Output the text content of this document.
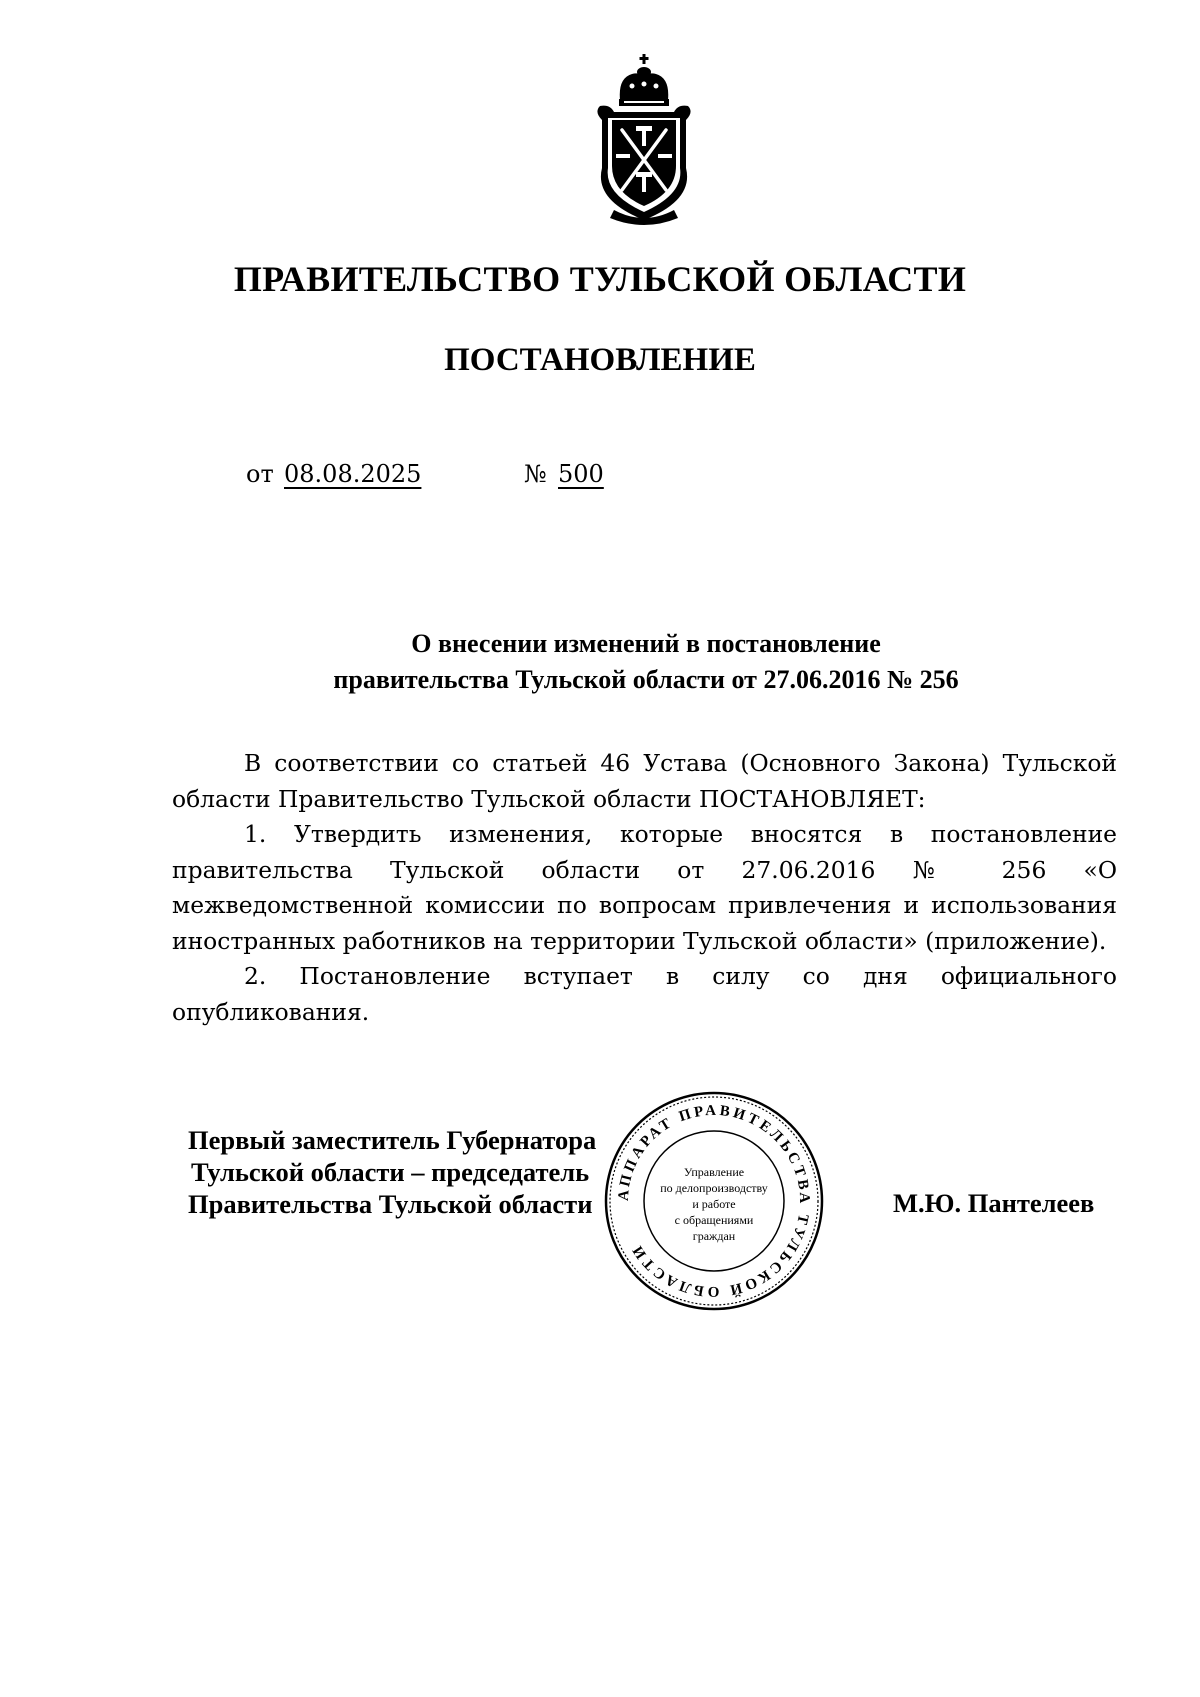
ПРАВИТЕЛЬСТВО ТУЛЬСКОЙ ОБЛАСТИ
ПОСТАНОВЛЕНИЕ
от 08.08.2025	№ 500
О внесении изменений в постановление
правительства Тульской области от 27.06.2016 № 256

В соответствии со статьей 46 Устава (Основного Закона) Тульской области Правительство Тульской области ПОСТАНОВЛЯЕТ:

1. Утвердить изменения, которые вносятся в постановление правительства Тульской области от 27.06.2016 № 256 «О межведомственной комиссии по вопросам привлечения и использования иностранных работников на территории Тульской области» (приложение).

2. Постановление вступает в силу со дня официального опубликования.

Первый заместитель Губернатора
Тульской области – председатель
Правительства Тульской области АППАРАТ ПРАВИТЕЛЬСТВА ТУЛЬСКОЙ ОБЛАСТИ
Управление
по делопроизводству
и работе
с обращениями
граждан
М.Ю. Пантелеев
